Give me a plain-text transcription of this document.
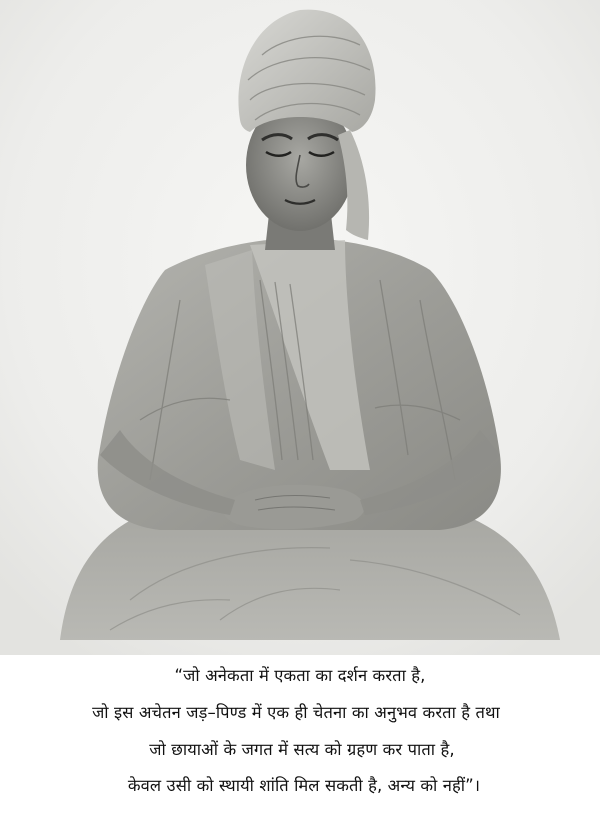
“जो अनेकता में एकता का दर्शन करता है,
जो इस अचेतन जड़–पिण्ड में एक ही चेतना का अनुभव करता है तथा
जो छायाओं के जगत में सत्य को ग्रहण कर पाता है,
केवल उसी को स्थायी शांति मिल सकती है, अन्य को नहीं”।
